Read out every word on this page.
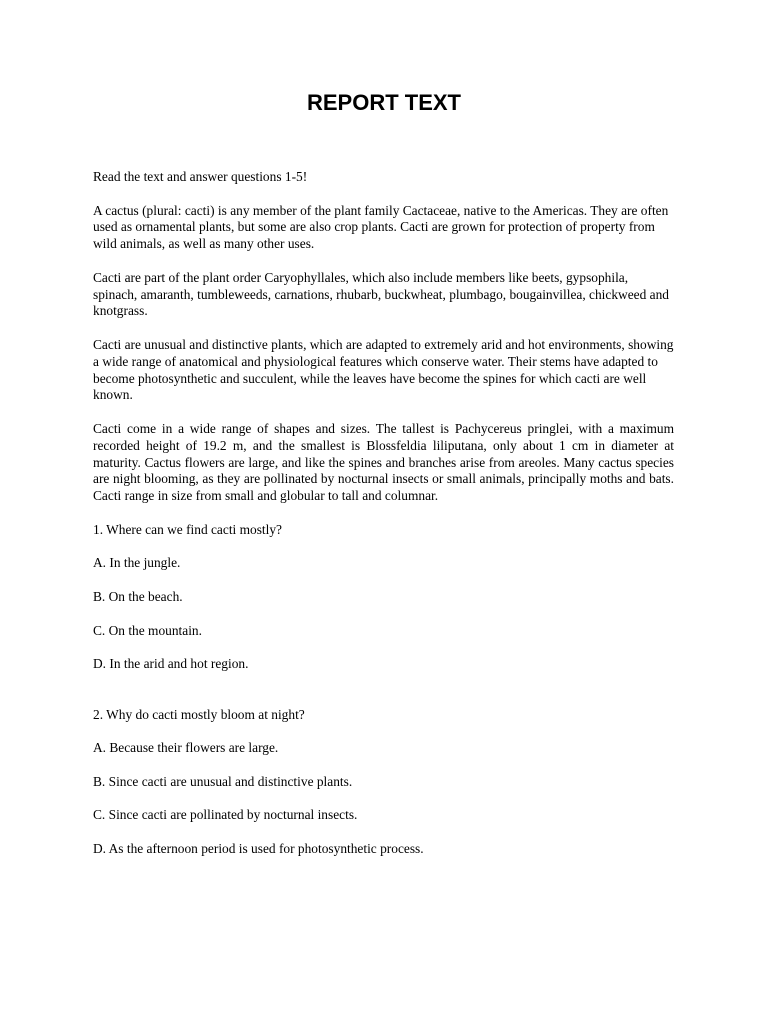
REPORT TEXT

Read the text and answer questions 1-5!

A cactus (plural: cacti) is any member of the plant family Cactaceae, native to the Americas. They are often used as ornamental plants, but some are also crop plants. Cacti are grown for protection of property from wild animals, as well as many other uses.

Cacti are part of the plant order Caryophyllales, which also include members like beets, gypsophila, spinach, amaranth, tumbleweeds, carnations, rhubarb, buckwheat, plumbago, bougainvillea, chickweed and knotgrass.

Cacti are unusual and distinctive plants, which are adapted to extremely arid and hot environments, showing a wide range of anatomical and physiological features which conserve water. Their stems have adapted to become photosynthetic and succulent, while the leaves have become the spines for which cacti are well known.

Cacti come in a wide range of shapes and sizes. The tallest is Pachycereus pringlei, with a maximum recorded height of 19.2 m, and the smallest is Blossfeldia liliputana, only about 1 cm in diameter at maturity. Cactus flowers are large, and like the spines and branches arise from areoles. Many cactus species are night blooming, as they are pollinated by nocturnal insects or small animals, principally moths and bats. Cacti range in size from small and globular to tall and columnar.

1. Where can we find cacti mostly?

A. In the jungle.

B. On the beach.

C. On the mountain.

D. In the arid and hot region.

2. Why do cacti mostly bloom at night?

A. Because their flowers are large.

B. Since cacti are unusual and distinctive plants.

C. Since cacti are pollinated by nocturnal insects.

D. As the afternoon period is used for photosynthetic process.
